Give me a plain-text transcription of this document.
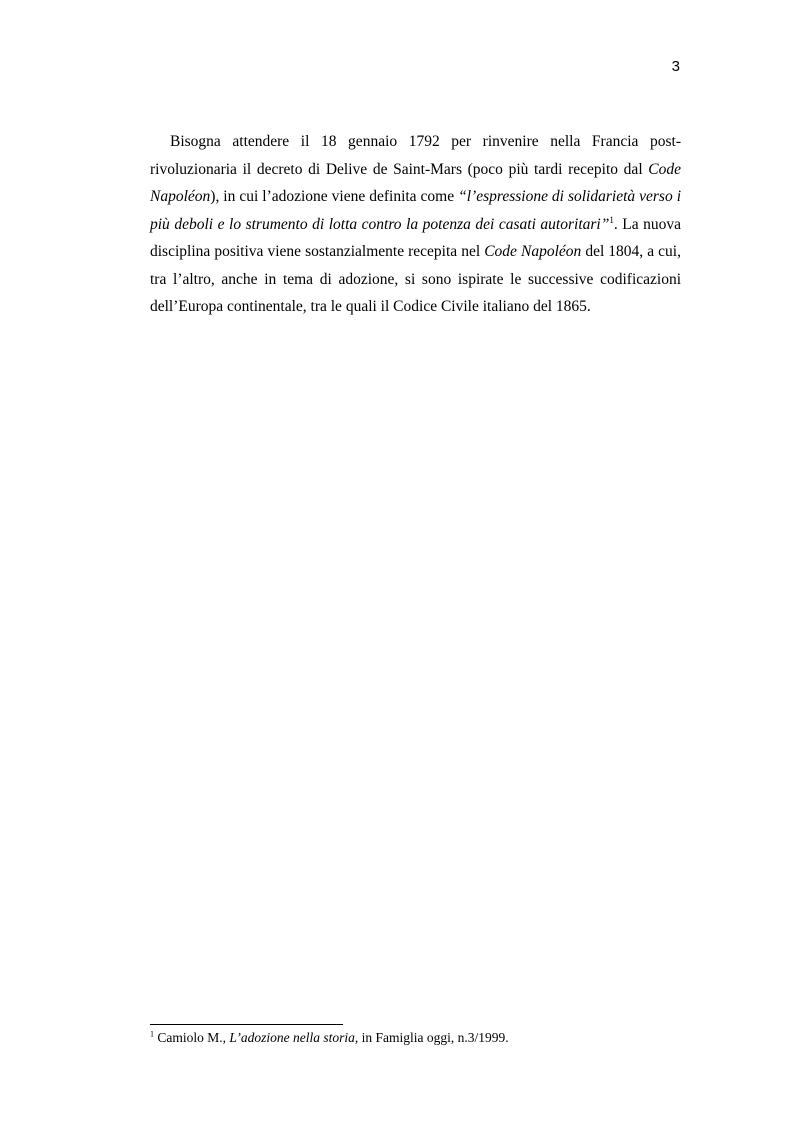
3

Bisogna attendere il 18 gennaio 1792 per rinvenire nella Francia post-rivoluzionaria il decreto di Delive de Saint-Mars (poco più tardi recepito dal Code Napoléon), in cui l’adozione viene definita come “l’espressione di solidarietà verso i più deboli e lo strumento di lotta contro la potenza dei casati autoritari”$^1$. La nuova disciplina positiva viene sostanzialmente recepita nel Code Napoléon del 1804, a cui, tra l’altro, anche in tema di adozione, si sono ispirate le successive codificazioni dell’Europa continentale, tra le quali il Codice Civile italiano del 1865.

$^1$ Camiolo M., L’adozione nella storia, in Famiglia oggi, n.3/1999.
